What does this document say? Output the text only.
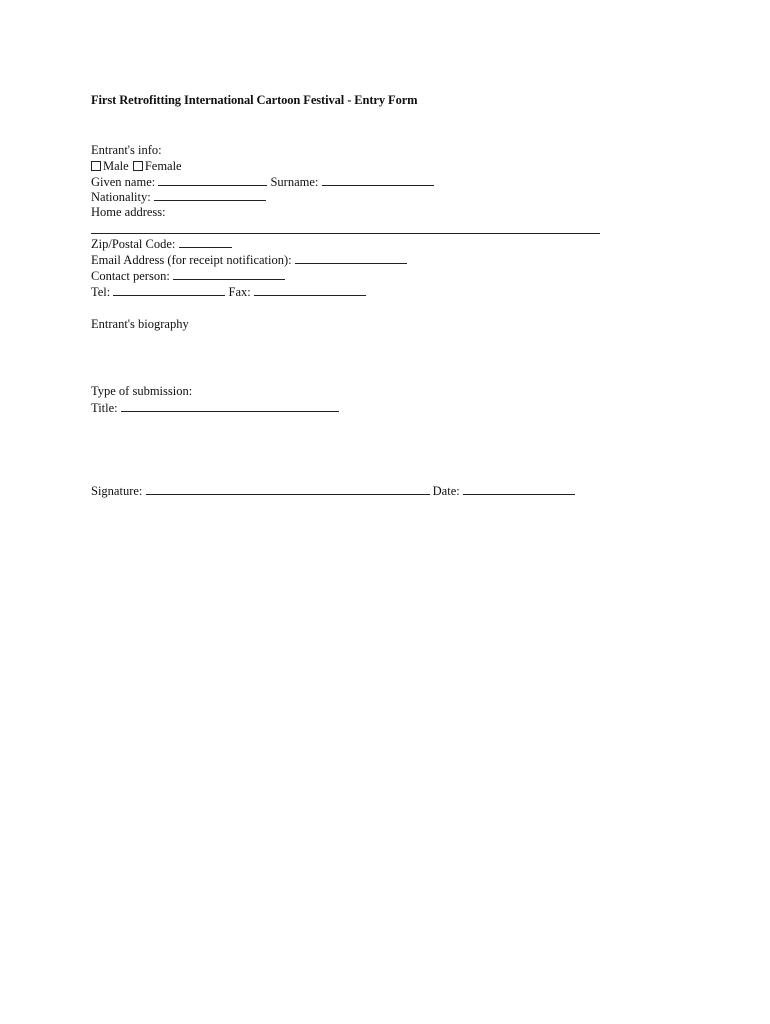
First Retrofitting International Cartoon Festival - Entry Form
Entrant's info:
Male Female
Given name:	Surname:
Nationality:
Home address:
Zip/Postal Code:
Email Address (for receipt notification):
Contact person:
Tel:	Fax:
Entrant's biography
Type of submission:
Title:
Signature:	Date:
